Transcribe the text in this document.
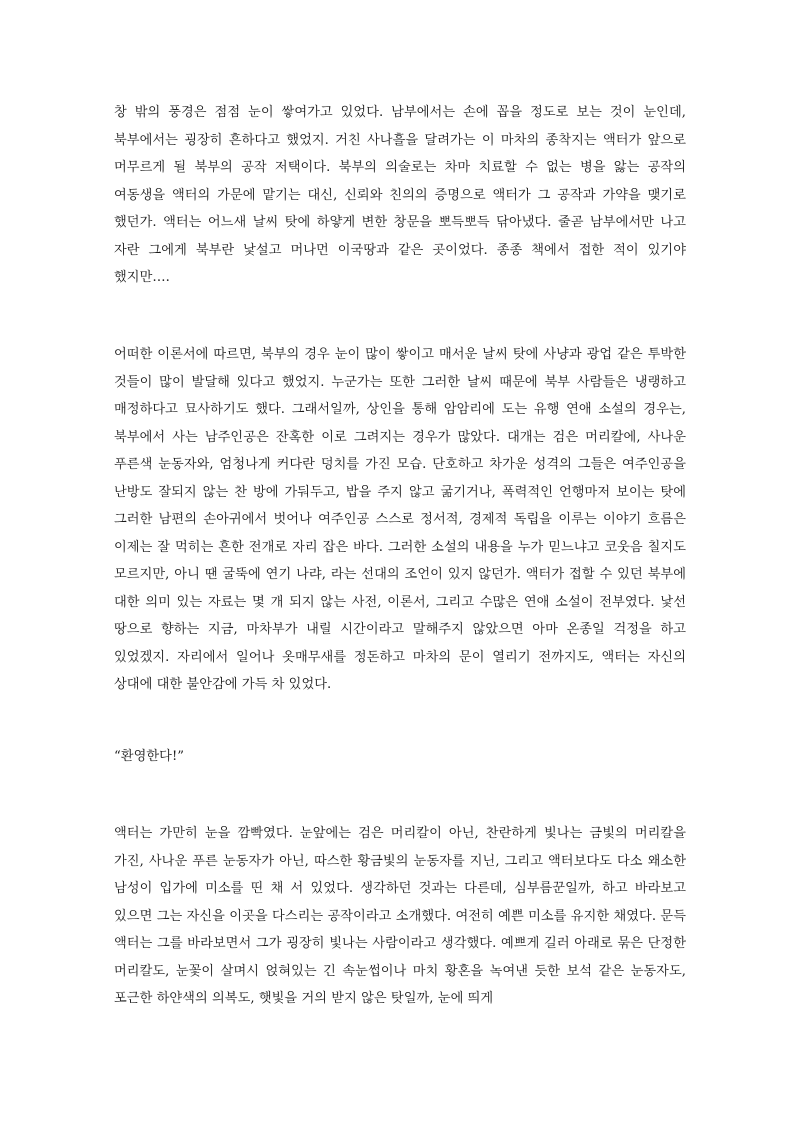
창 밖의 풍경은 점점 눈이 쌓여가고 있었다. 남부에서는 손에 꼽을 정도로 보는 것이 눈인데, 북부에서는 굉장히 흔하다고 했었지. 거친 사나흘을 달려가는 이 마차의 종착지는 액터가 앞으로 머무르게 될 북부의 공작 저택이다. 북부의 의술로는 차마 치료할 수 없는 병을 앓는 공작의 여동생을 액터의 가문에 맡기는 대신, 신뢰와 친의의 증명으로 액터가 그 공작과 가약을 맺기로 했던가. 액터는 어느새 날씨 탓에 하얗게 변한 창문을 뽀득뽀득 닦아냈다. 줄곧 남부에서만 나고 자란 그에게 북부란 낯설고 머나먼 이국땅과 같은 곳이었다. 종종 책에서 접한 적이 있기야 했지만….

어떠한 이론서에 따르면, 북부의 경우 눈이 많이 쌓이고 매서운 날씨 탓에 사냥과 광업 같은 투박한 것들이 많이 발달해 있다고 했었지. 누군가는 또한 그러한 날씨 때문에 북부 사람들은 냉랭하고 매정하다고 묘사하기도 했다. 그래서일까, 상인을 통해 암암리에 도는 유행 연애 소설의 경우는, 북부에서 사는 남주인공은 잔혹한 이로 그려지는 경우가 많았다. 대개는 검은 머리칼에, 사나운 푸른색 눈동자와, 엄청나게 커다란 덩치를 가진 모습. 단호하고 차가운 성격의 그들은 여주인공을 난방도 잘되지 않는 찬 방에 가둬두고, 밥을 주지 않고 굶기거나, 폭력적인 언행마저 보이는 탓에 그러한 남편의 손아귀에서 벗어나 여주인공 스스로 정서적, 경제적 독립을 이루는 이야기 흐름은 이제는 잘 먹히는 흔한 전개로 자리 잡은 바다. 그러한 소설의 내용을 누가 믿느냐고 코웃음 칠지도 모르지만, 아니 땐 굴뚝에 연기 나랴, 라는 선대의 조언이 있지 않던가. 액터가 접할 수 있던 북부에 대한 의미 있는 자료는 몇 개 되지 않는 사전, 이론서, 그리고 수많은 연애 소설이 전부였다. 낯선 땅으로 향하는 지금, 마차부가 내릴 시간이라고 말해주지 않았으면 아마 온종일 걱정을 하고 있었겠지. 자리에서 일어나 옷매무새를 정돈하고 마차의 문이 열리기 전까지도, 액터는 자신의 상대에 대한 불안감에 가득 차 있었다.

“환영한다!”

액터는 가만히 눈을 깜빡였다. 눈앞에는 검은 머리칼이 아닌, 찬란하게 빛나는 금빛의 머리칼을 가진, 사나운 푸른 눈동자가 아닌, 따스한 황금빛의 눈동자를 지닌, 그리고 액터보다도 다소 왜소한 남성이 입가에 미소를 띤 채 서 있었다. 생각하던 것과는 다른데, 심부름꾼일까, 하고 바라보고 있으면 그는 자신을 이곳을 다스리는 공작이라고 소개했다. 여전히 예쁜 미소를 유지한 채였다. 문득 액터는 그를 바라보면서 그가 굉장히 빛나는 사람이라고 생각했다. 예쁘게 길러 아래로 묶은 단정한 머리칼도, 눈꽃이 살며시 얹혀있는 긴 속눈썹이나 마치 황혼을 녹여낸 듯한 보석 같은 눈동자도, 포근한 하얀색의 의복도, 햇빛을 거의 받지 않은 탓일까, 눈에 띄게
